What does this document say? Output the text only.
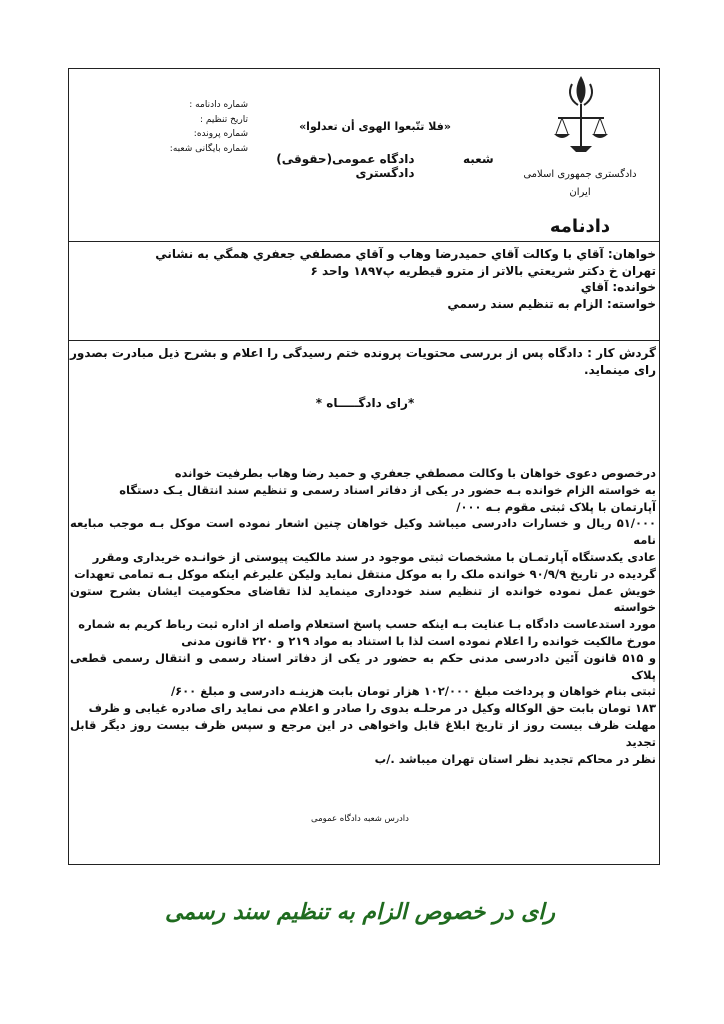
شماره دادنامه :
تاریخ تنظیم :
شماره پرونده:
شماره بایگانی شعبه:
«فلا تتّبعوا الهوی أن تعدلوا»
شعبه  دادگاه عمومی(حقوقی) دادگستری	دادگستری جمهوری اسلامی
ایران
دادنامه

خواهان: آقاي با وكالت آقاي حميدرضا وهاب و آقاي مصطفي جعفري همگي به نشاني

تهران خ دكتر شريعتي بالاتر از مترو قيطريه پ۱۸۹۷ واحد ۶

خوانده: آقاي

خواسته: الزام به تنظيم سند رسمي

گردش کار : دادگاه پس از بررسی محتویات پرونده ختم رسیدگی را اعلام و بشرح ذیل مبادرت بصدور رای مینماید.
*رای دادگـــــاه *

درخصوص دعوی خواهان با وكالت مصطفي جعفري و حميد رضا وهاب بطرفيت خوانده

به خواسته الزام خوانده بـه حضور در یکی از دفاتر اسناد رسمی و تنظیم سند انتقال یـک دستگاه

آپارتمان با پلاک ثبتی مقوم بـه ۰۰۰/

۵۱/۰۰۰ ریال و خسارات دادرسی میباشد وکیل خواهان چنین اشعار نموده است موکل بـه موجب مبایعه نامه

عادی یکدستگاه آپارتمـان با مشخصات ثبتی موجود در سند مالکیت پیوستی از خوانـده خریداری ومقرر

گردیده در تاریخ ۹۰/۹/۹ خوانده ملک را به موکل منتقل نماید ولیکن علیرغم اینکه موکل بـه تمامی تعهدات

خویش عمل نموده خوانده از تنظیم سند خودداری مینماید لذا تقاضای محکومیت ایشان بشرح ستون خواسته

مورد استدعاست دادگاه بـا عنایت بـه اینکه حسب پاسخ استعلام واصله از اداره ثبت رباط کریم به شماره

مورخ مالکیت خوانده را اعلام نموده است لذا با استناد به مواد ۲۱۹ و ۲۲۰ قانون مدنی

و ۵۱۵ قانون آئین دادرسی مدنی حکم به حضور در یکی از دفاتر اسناد رسمی و انتقال رسمی قطعی پلاک

ثبتی بنام خواهان و پرداخت مبلغ ۱۰۲/۰۰۰ هزار تومان بابت هزینـه دادرسی و مبلغ ۶۰۰/

۱۸۳ تومان بابت حق الوکاله وکیل در مرحلـه بدوی را صادر و اعلام می نماید رای صادره غیابی و ظرف

مهلت ظرف بیست روز از تاریخ ابلاغ قابل واخواهی در این مرجع و سپس ظرف بیست روز دیگر قابل تجدید

نظر در محاکم تجدید نظر استان تهران میباشد ./ب

دادرس شعبه دادگاه عمومی
رای در خصوص الزام به تنظیم سند رسمی
